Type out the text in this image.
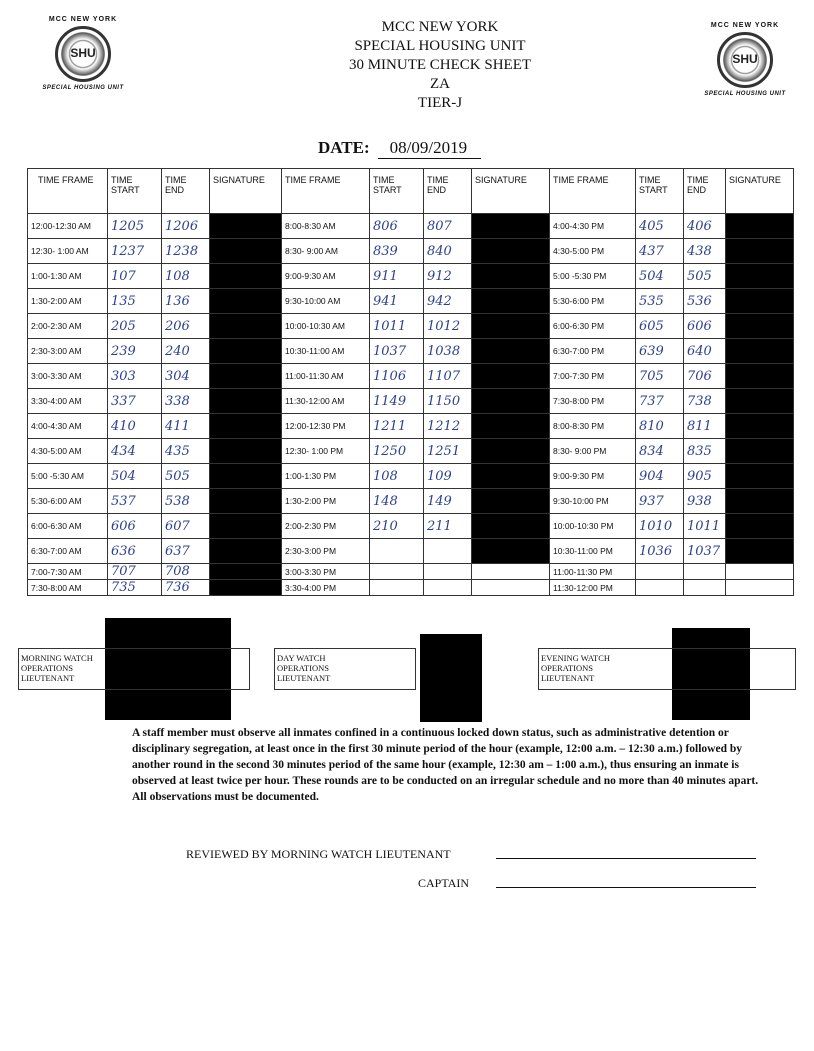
MCC NEW YORK
SHU
SPECIAL HOUSING UNIT
MCC NEW YORK
SHU
SPECIAL HOUSING UNIT
MCC NEW YORK
SPECIAL HOUSING UNIT
30 MINUTE CHECK SHEET
ZA
TIER-J
DATE: 08/09/2019
TIME FRAME	TIME START	TIME END	SIGNATURE	TIME FRAME	TIME START	TIME END	SIGNATURE	TIME FRAME	TIME START	TIME END	SIGNATURE
12:00-12:30 AM	1205	1206		8:00-8:30 AM	806	807		4:00-4:30 PM	405	406	
12:30- 1:00 AM	1237	1238		8:30- 9:00 AM	839	840		4:30-5:00 PM	437	438	
1:00-1:30 AM	107	108		9:00-9:30 AM	911	912		5:00 -5:30 PM	504	505	
1:30-2:00 AM	135	136		9:30-10:00 AM	941	942		5:30-6:00 PM	535	536	
2:00-2:30 AM	205	206		10:00-10:30 AM	1011	1012		6:00-6:30 PM	605	606	
2:30-3:00 AM	239	240		10:30-11:00 AM	1037	1038		6:30-7:00 PM	639	640	
3:00-3:30 AM	303	304		11:00-11:30 AM	1106	1107		7:00-7:30 PM	705	706	
3:30-4:00 AM	337	338		11:30-12:00 AM	1149	1150		7:30-8:00 PM	737	738	
4:00-4:30 AM	410	411		12:00-12:30 PM	1211	1212		8:00-8:30 PM	810	811	
4:30-5:00 AM	434	435		12:30- 1:00 PM	1250	1251		8:30- 9:00 PM	834	835	
5:00 -5:30 AM	504	505		1:00-1:30 PM	108	109		9:00-9:30 PM	904	905	
5:30-6:00 AM	537	538		1:30-2:00 PM	148	149		9:30-10:00 PM	937	938	
6:00-6:30 AM	606	607		2:00-2:30 PM	210	211		10:00-10:30 PM	1010	1011	
6:30-7:00 AM	636	637		2:30-3:00 PM				10:30-11:00 PM	1036	1037	
7:00-7:30 AM	707	708		3:00-3:30 PM				11:00-11:30 PM			
7:30-8:00 AM	735	736		3:30-4:00 PM				11:30-12:00 PM			
MORNING WATCH OPERATIONS LIEUTENANT
DAY WATCH OPERATIONS LIEUTENANT
EVENING WATCH OPERATIONS LIEUTENANT
A staff member must observe all inmates confined in a continuous locked down status, such as administrative detention or disciplinary segregation, at least once in the first 30 minute period of the hour (example, 12:00 a.m. – 12:30 a.m.) followed by another round in the second 30 minutes period of the same hour (example, 12:30 am – 1:00 a.m.), thus ensuring an inmate is observed at least twice per hour. These rounds are to be conducted on an irregular schedule and no more than 40 minutes apart. All observations must be documented.
REVIEWED BY MORNING WATCH LIEUTENANT
CAPTAIN
